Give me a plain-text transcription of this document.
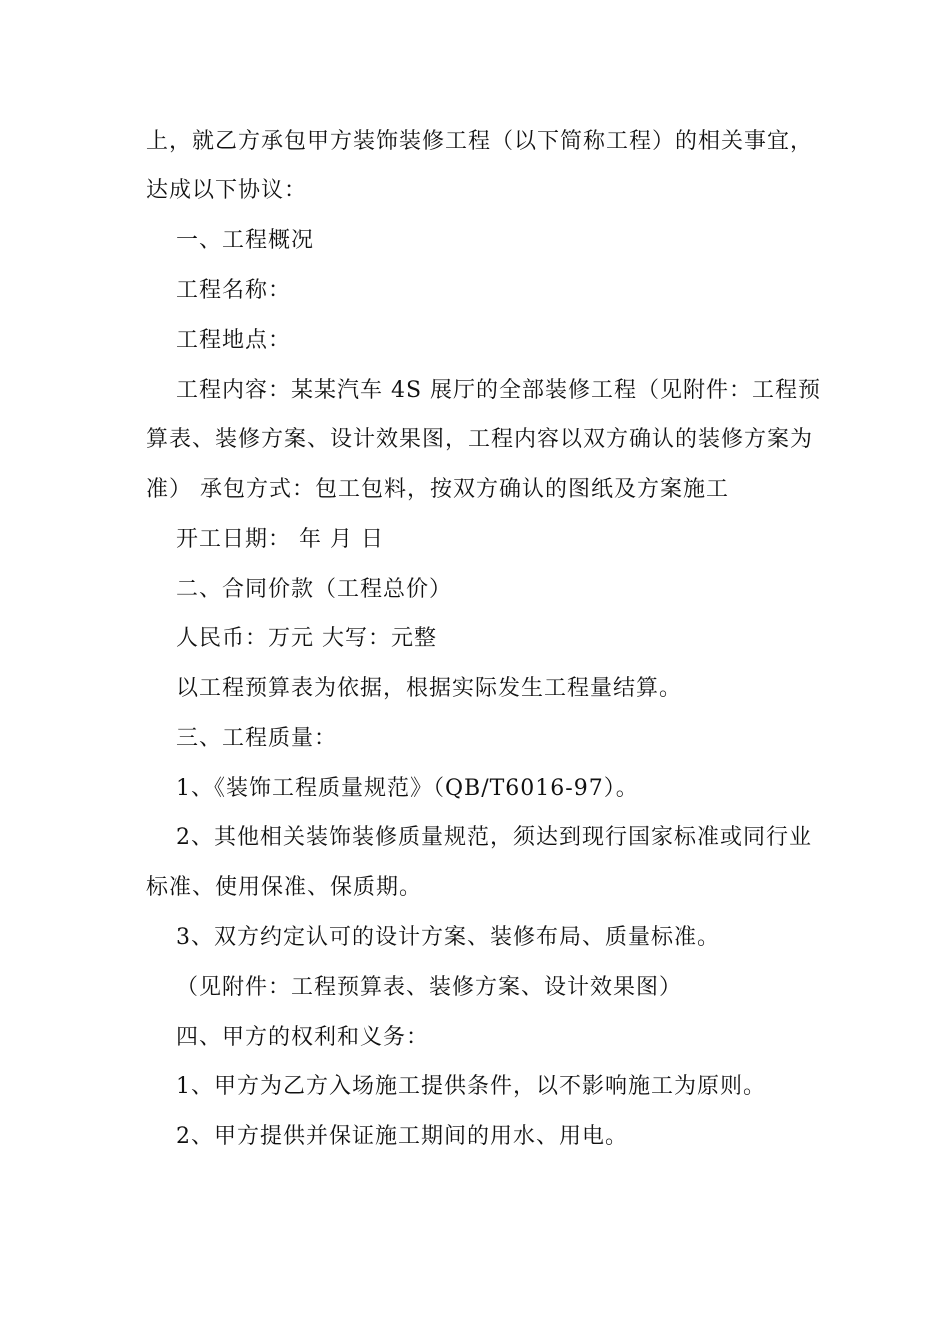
上，就乙方承包甲方装饰装修工程（以下简称工程）的相关事宜，
达成以下协议：
一、工程概况
工程名称：
工程地点：
工程内容：某某汽车 4S 展厅的全部装修工程（见附件：工程预
算表、装修方案、设计效果图，工程内容以双方确认的装修方案为
准） 承包方式：包工包料，按双方确认的图纸及方案施工
开工日期： 年 月 日
二、合同价款（工程总价）
人民币：万元 大写：元整
以工程预算表为依据，根据实际发生工程量结算。
三、工程质量：
1、《装饰工程质量规范》（QB/T6016-97）。
2、其他相关装饰装修质量规范，须达到现行国家标准或同行业
标准、使用保准、保质期。
3、双方约定认可的设计方案、装修布局、质量标准。
（见附件：工程预算表、装修方案、设计效果图）
四、甲方的权利和义务：
1、甲方为乙方入场施工提供条件，以不影响施工为原则。
2、甲方提供并保证施工期间的用水、用电。
